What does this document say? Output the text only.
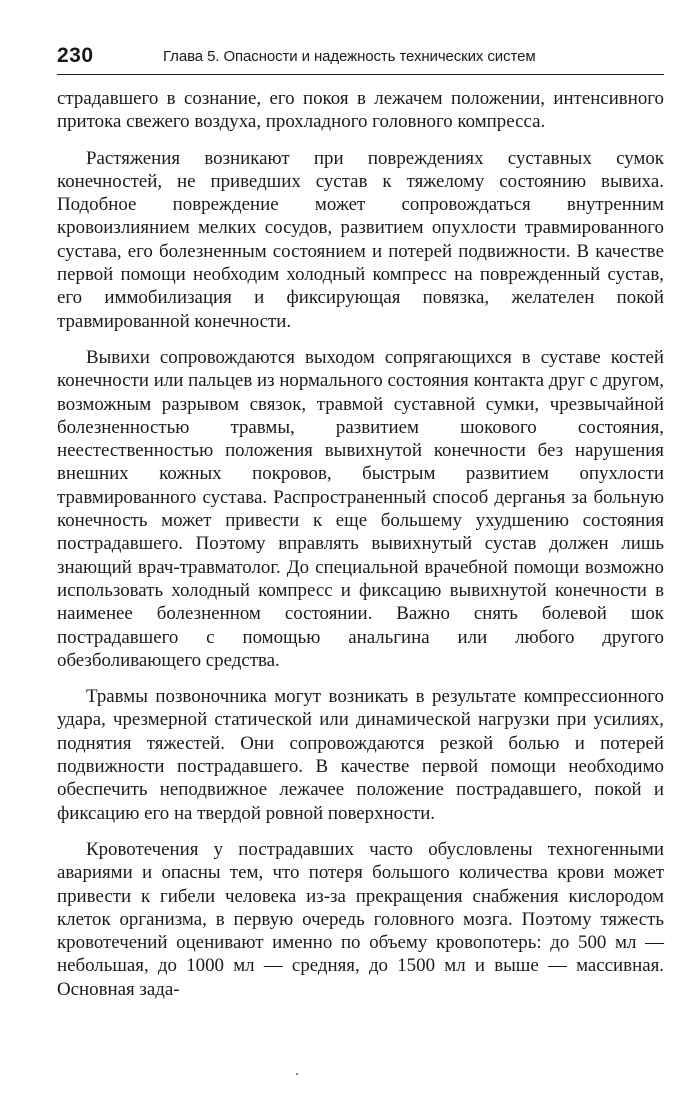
230	Глава 5. Опасности и надежность технических систем

страдавшего в сознание, его покоя в лежачем положении, интенсивного притока свежего воздуха, прохладного головного компресса.

Растяжения возникают при повреждениях суставных сумок конечностей, не приведших сустав к тяжелому состоянию вывиха. Подобное повреждение может сопровождаться внутренним кровоизлиянием мелких сосудов, развитием опухлости травмированного сустава, его болезненным состоянием и потерей подвижности. В качестве первой помощи необходим холодный компресс на поврежденный сустав, его иммобилизация и фиксирующая повязка, желателен покой травмированной конечности.

Вывихи сопровождаются выходом сопрягающихся в суставе костей конечности или пальцев из нормального состояния контакта друг с другом, возможным разрывом связок, травмой суставной сумки, чрезвычайной болезненностью травмы, развитием шокового состояния, неестественностью положения вывихнутой конечности без нарушения внешних кожных покровов, быстрым развитием опухлости травмированного сустава. Распространенный способ дерганья за больную конечность может привести к еще большему ухудшению состояния пострадавшего. Поэтому вправлять вывихнутый сустав должен лишь знающий врач-травматолог. До специальной врачебной помощи возможно использовать холодный компресс и фиксацию вывихнутой конечности в наименее болезненном состоянии. Важно снять болевой шок пострадавшего с помощью анальгина или любого другого обезболивающего средства.

Травмы позвоночника могут возникать в результате компрессионного удара, чрезмерной статической или динамической нагрузки при усилиях, поднятия тяжестей. Они сопровождаются резкой болью и потерей подвижности пострадавшего. В качестве первой помощи необходимо обеспечить неподвижное лежачее положение пострадавшего, покой и фиксацию его на твердой ровной поверхности.

Кровотечения у пострадавших часто обусловлены техногенными авариями и опасны тем, что потеря большого количества крови может привести к гибели человека из-за прекращения снабжения кислородом клеток организма, в первую очередь головного мозга. Поэтому тяжесть кровотечений оценивают именно по объему кровопотерь: до 500 мл — небольшая, до 1000 мл — средняя, до 1500 мл и выше — массивная. Основная зада-
